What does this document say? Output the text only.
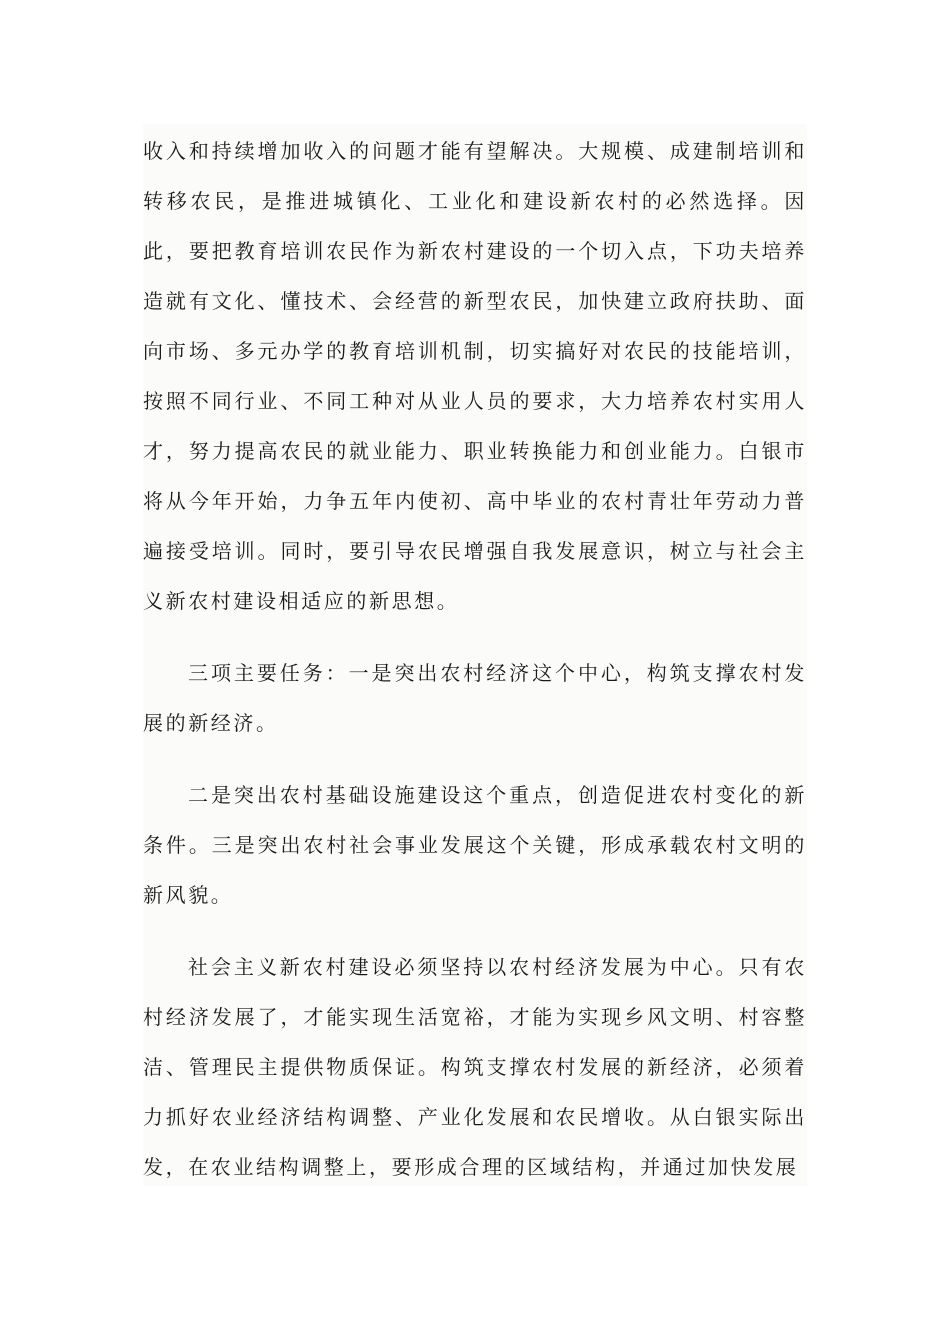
收入和持续增加收入的问题才能有望解决。大规模、成建制培训和转移农民，是推进城镇化、工业化和建设新农村的必然选择。因此，要把教育培训农民作为新农村建设的一个切入点，下功夫培养造就有文化、懂技术、会经营的新型农民，加快建立政府扶助、面向市场、多元办学的教育培训机制，切实搞好对农民的技能培训，按照不同行业、不同工种对从业人员的要求，大力培养农村实用人才，努力提高农民的就业能力、职业转换能力和创业能力。白银市将从今年开始，力争五年内使初、高中毕业的农村青壮年劳动力普遍接受培训。同时，要引导农民增强自我发展意识，树立与社会主义新农村建设相适应的新思想。

三项主要任务：一是突出农村经济这个中心，构筑支撑农村发展的新经济。

二是突出农村基础设施建设这个重点，创造促进农村变化的新条件。三是突出农村社会事业发展这个关键，形成承载农村文明的新风貌。

社会主义新农村建设必须坚持以农村经济发展为中心。只有农村经济发展了，才能实现生活宽裕，才能为实现乡风文明、村容整洁、管理民主提供物质保证。构筑支撑农村发展的新经济，必须着力抓好农业经济结构调整、产业化发展和农民增收。从白银实际出发，在农业结构调整上，要形成合理的区域结构，并通过加快发展
